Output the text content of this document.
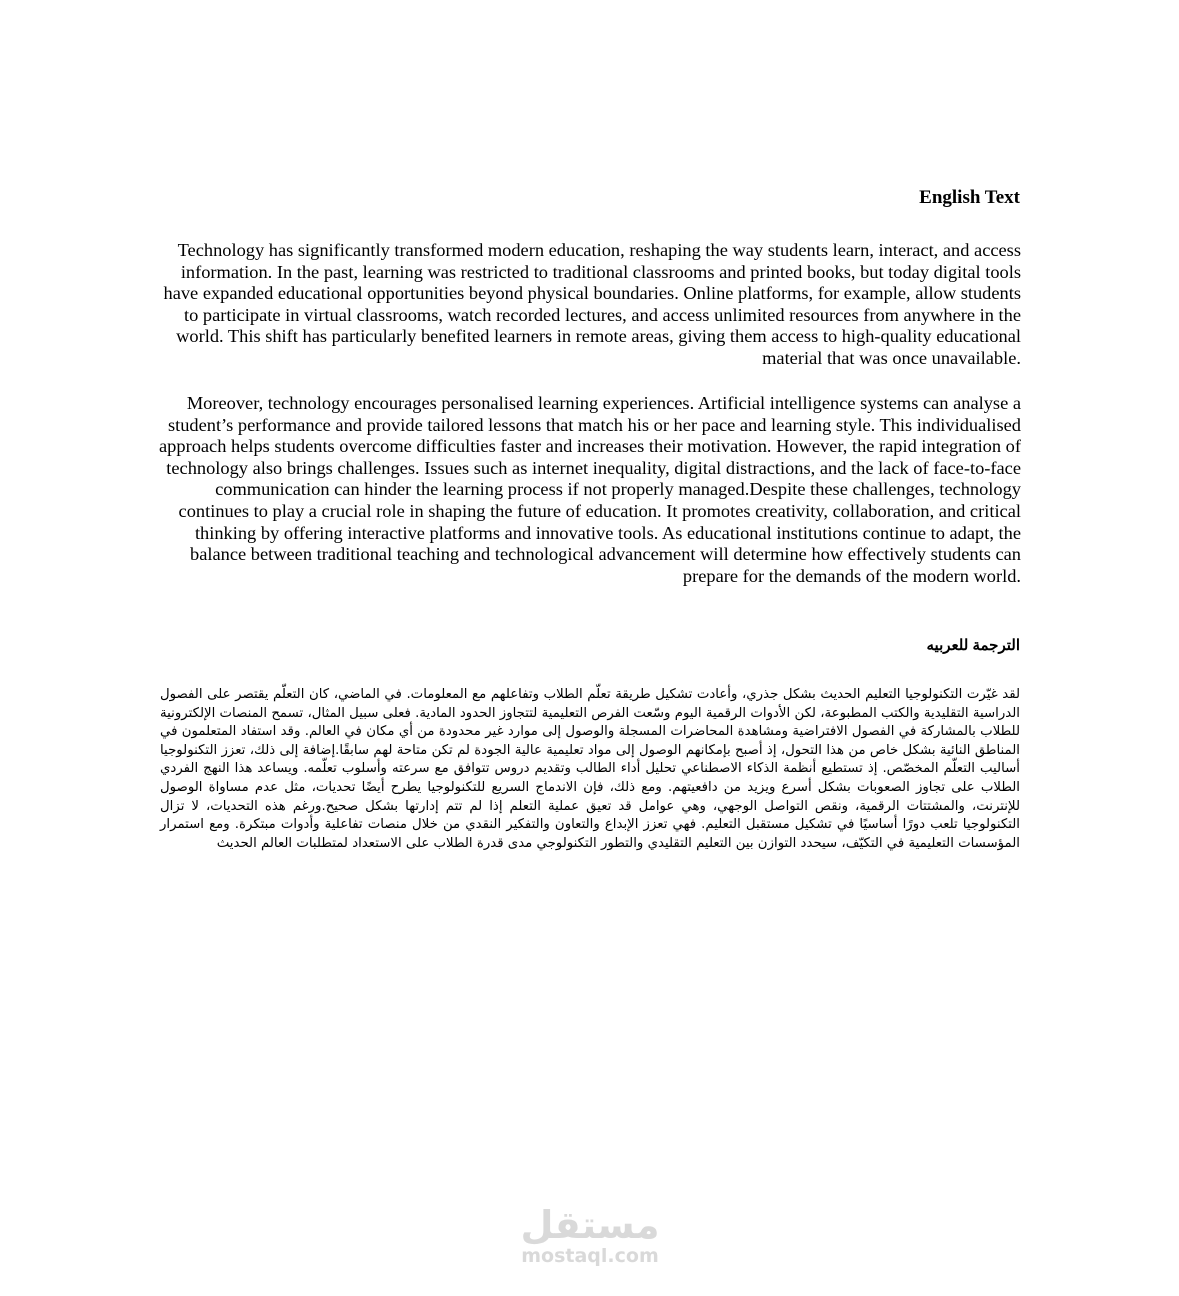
English Text

Technology has significantly transformed modern education, reshaping the way students learn, interact, and access information. In the past, learning was restricted to traditional classrooms and printed books, but today digital tools have expanded educational opportunities beyond physical boundaries. Online platforms, for example, allow students to participate in virtual classrooms, watch recorded lectures, and access unlimited resources from anywhere in the world. This shift has particularly benefited learners in remote areas, giving them access to high-quality educational material that was once unavailable.

Moreover, technology encourages personalised learning experiences. Artificial intelligence systems can analyse a student’s performance and provide tailored lessons that match his or her pace and learning style. This individualised approach helps students overcome difficulties faster and increases their motivation. However, the rapid integration of technology also brings challenges. Issues such as internet inequality, digital distractions, and the lack of face-to-face communication can hinder the learning process if not properly managed.Despite these challenges, technology continues to play a crucial role in shaping the future of education. It promotes creativity, collaboration, and critical thinking by offering interactive platforms and innovative tools. As educational institutions continue to adapt, the balance between traditional teaching and technological advancement will determine how effectively students can prepare for the demands of the modern world.

الترجمة للعربيه

لقد غيّرت التكنولوجيا التعليم الحديث بشكل جذري، وأعادت تشكيل طريقة تعلّم الطلاب وتفاعلهم مع المعلومات. في الماضي، كان التعلّم يقتصر على الفصول الدراسية التقليدية والكتب المطبوعة، لكن الأدوات الرقمية اليوم وسّعت الفرص التعليمية لتتجاوز الحدود المادية. فعلى سبيل المثال، تسمح المنصات الإلكترونية للطلاب بالمشاركة في الفصول الافتراضية ومشاهدة المحاضرات المسجلة والوصول إلى موارد غير محدودة من أي مكان في العالم. وقد استفاد المتعلمون في المناطق النائية بشكل خاص من هذا التحول، إذ أصبح بإمكانهم الوصول إلى مواد تعليمية عالية الجودة لم تكن متاحة لهم سابقًا.إضافة إلى ذلك، تعزز التكنولوجيا أساليب التعلّم المخصّص. إذ تستطيع أنظمة الذكاء الاصطناعي تحليل أداء الطالب وتقديم دروس تتوافق مع سرعته وأسلوب تعلّمه. ويساعد هذا النهج الفردي الطلاب على تجاوز الصعوبات بشكل أسرع ويزيد من دافعيتهم. ومع ذلك، فإن الاندماج السريع للتكنولوجيا يطرح أيضًا تحديات، مثل عدم مساواة الوصول للإنترنت، والمشتتات الرقمية، ونقص التواصل الوجهي، وهي عوامل قد تعيق عملية التعلم إذا لم تتم إدارتها بشكل صحيح.ورغم هذه التحديات، لا تزال التكنولوجيا تلعب دورًا أساسيًا في تشكيل مستقبل التعليم. فهي تعزز الإبداع والتعاون والتفكير النقدي من خلال منصات تفاعلية وأدوات مبتكرة. ومع استمرار المؤسسات التعليمية في التكيّف، سيحدد التوازن بين التعليم التقليدي والتطور التكنولوجي مدى قدرة الطلاب على الاستعداد لمتطلبات العالم الحديث

مستقل
mostaql.com
